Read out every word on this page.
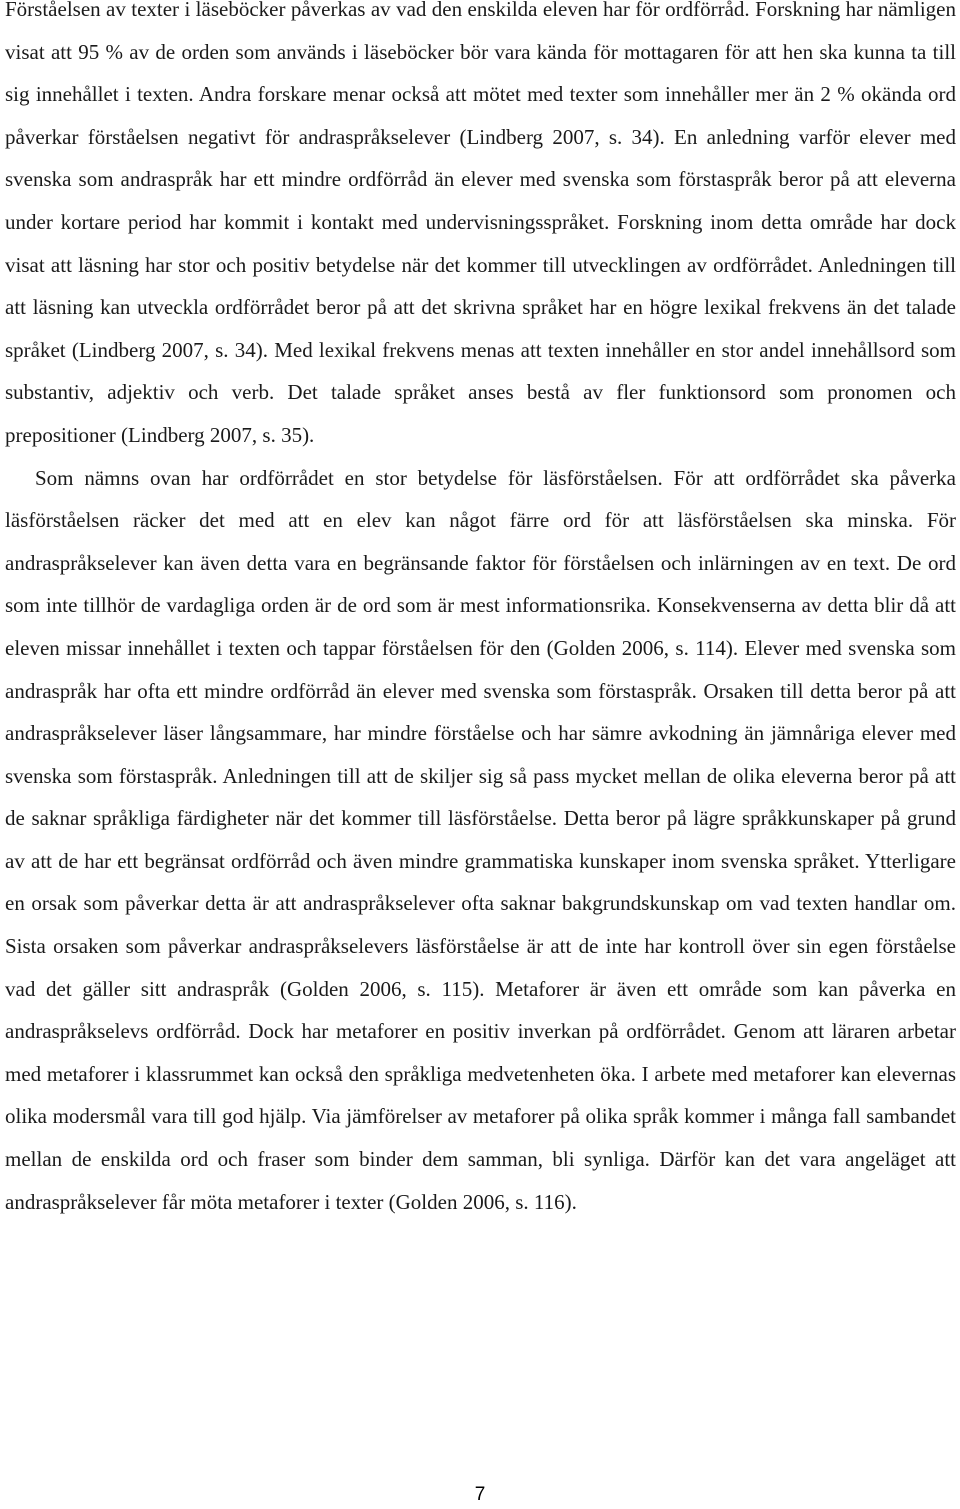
Förståelsen av texter i läseböcker påverkas av vad den enskilda eleven har för ordförråd. Forskning har nämligen visat att 95 % av de orden som används i läseböcker bör vara kända för mottagaren för att hen ska kunna ta till sig innehållet i texten. Andra forskare menar också att mötet med texter som innehåller mer än 2 % okända ord påverkar förståelsen negativt för andraspråkselever (Lindberg 2007, s. 34). En anledning varför elever med svenska som andraspråk har ett mindre ordförråd än elever med svenska som förstaspråk beror på att eleverna under kortare period har kommit i kontakt med undervisningsspråket. Forskning inom detta område har dock visat att läsning har stor och positiv betydelse när det kommer till utvecklingen av ordförrådet. Anledningen till att läsning kan utveckla ordförrådet beror på att det skrivna språket har en högre lexikal frekvens än det talade språket (Lindberg 2007, s. 34). Med lexikal frekvens menas att texten innehåller en stor andel innehållsord som substantiv, adjektiv och verb. Det talade språket anses bestå av fler funktionsord som pronomen och prepositioner (Lindberg 2007, s. 35).

Som nämns ovan har ordförrådet en stor betydelse för läsförståelsen. För att ordförrådet ska påverka läsförståelsen räcker det med att en elev kan något färre ord för att läsförståelsen ska minska. För andraspråkselever kan även detta vara en begränsande faktor för förståelsen och inlärningen av en text. De ord som inte tillhör de vardagliga orden är de ord som är mest informationsrika. Konsekvenserna av detta blir då att eleven missar innehållet i texten och tappar förståelsen för den (Golden 2006, s. 114). Elever med svenska som andraspråk har ofta ett mindre ordförråd än elever med svenska som förstaspråk. Orsaken till detta beror på att andraspråkselever läser långsammare, har mindre förståelse och har sämre avkodning än jämnåriga elever med svenska som förstaspråk. Anledningen till att de skiljer sig så pass mycket mellan de olika eleverna beror på att de saknar språkliga färdigheter när det kommer till läsförståelse. Detta beror på lägre språkkunskaper på grund av att de har ett begränsat ordförråd och även mindre grammatiska kunskaper inom svenska språket. Ytterligare en orsak som påverkar detta är att andraspråkselever ofta saknar bakgrundskunskap om vad texten handlar om. Sista orsaken som påverkar andraspråkselevers läsförståelse är att de inte har kontroll över sin egen förståelse vad det gäller sitt andraspråk (Golden 2006, s. 115). Metaforer är även ett område som kan påverka en andraspråkselevs ordförråd. Dock har metaforer en positiv inverkan på ordförrådet. Genom att läraren arbetar med metaforer i klassrummet kan också den språkliga medvetenheten öka. I arbete med metaforer kan elevernas olika modersmål vara till god hjälp. Via jämförelser av metaforer på olika språk kommer i många fall sambandet mellan de enskilda ord och fraser som binder dem samman, bli synliga. Därför kan det vara angeläget att andraspråkselever får möta metaforer i texter (Golden 2006, s. 116).

7
